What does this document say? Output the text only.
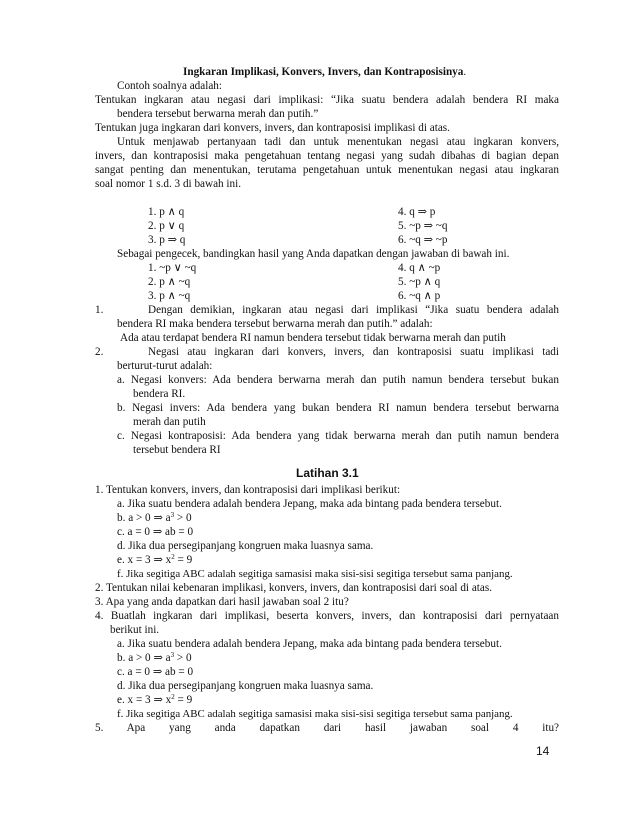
Ingkaran Implikasi, Konvers, Invers, dan Kontraposisinya.
Contoh soalnya adalah:
Tentukan ingkaran atau negasi dari implikasi: “Jika suatu bendera adalah bendera RI maka
bendera tersebut berwarna merah dan putih.”
Tentukan juga ingkaran dari konvers, invers, dan kontraposisi implikasi di atas.
Untuk menjawab pertanyaan tadi dan untuk menentukan negasi atau ingkaran konvers,
invers, dan kontraposisi maka pengetahuan tentang negasi yang sudah dibahas di bagian depan
sangat penting dan menentukan, terutama pengetahuan untuk menentukan negasi atau ingkaran
soal nomor 1 s.d. 3 di bawah ini.
1. p ∧ q
2. p ∨ q
3. p ⇒ q
4. q ⇒ p
5. ~p ⇒ ~q
6. ~q ⇒ ~p
Sebagai pengecek, bandingkan hasil yang Anda dapatkan dengan jawaban di bawah ini.
1. ~p ∨ ~q
2. p ∧ ~q
3. p ∧ ~q
4. q ∧ ~p
5. ~p ∧ q
6. ~q ∧ p
1.	Dengan demikian, ingkaran atau negasi dari implikasi “Jika suatu bendera adalah
bendera RI maka bendera tersebut berwarna merah dan putih.” adalah:
Ada atau terdapat bendera RI namun bendera tersebut tidak berwarna merah dan putih
2.	Negasi atau ingkaran dari konvers, invers, dan kontraposisi suatu implikasi tadi
berturut-turut adalah:
a. Negasi konvers: Ada bendera berwarna merah dan putih namun bendera tersebut bukan
bendera RI.
b. Negasi invers: Ada bendera yang bukan bendera RI namun bendera tersebut berwarna
merah dan putih
c. Negasi kontraposisi: Ada bendera yang tidak berwarna merah dan putih namun bendera
tersebut bendera RI
Latihan 3.1
1. Tentukan konvers, invers, dan kontraposisi dari implikasi berikut:
a. Jika suatu bendera adalah bendera Jepang, maka ada bintang pada bendera tersebut.
b. a > 0 ⇒ $a^3 > 0$
c. a = 0 ⇒ ab = 0
d. Jika dua persegipanjang kongruen maka luasnya sama.
e. x = 3 ⇒ $x^2 = 9$
f. Jika segitiga ABC adalah segitiga samasisi maka sisi-sisi segitiga tersebut sama panjang.
2. Tentukan nilai kebenaran implikasi, konvers, invers, dan kontraposisi dari soal di atas.
3. Apa yang anda dapatkan dari hasil jawaban soal 2 itu?
4. Buatlah ingkaran dari implikasi, beserta konvers, invers, dan kontraposisi dari pernyataan
berikut ini.
a. Jika suatu bendera adalah bendera Jepang, maka ada bintang pada bendera tersebut.
b. a > 0 ⇒ $a^3 > 0$
c. a = 0 ⇒ ab = 0
d. Jika dua persegipanjang kongruen maka luasnya sama.
e. x = 3 ⇒ $x^2 = 9$
f. Jika segitiga ABC adalah segitiga samasisi maka sisi-sisi segitiga tersebut sama panjang.
5. Apa yang anda dapatkan dari hasil jawaban soal 4 itu?
14
